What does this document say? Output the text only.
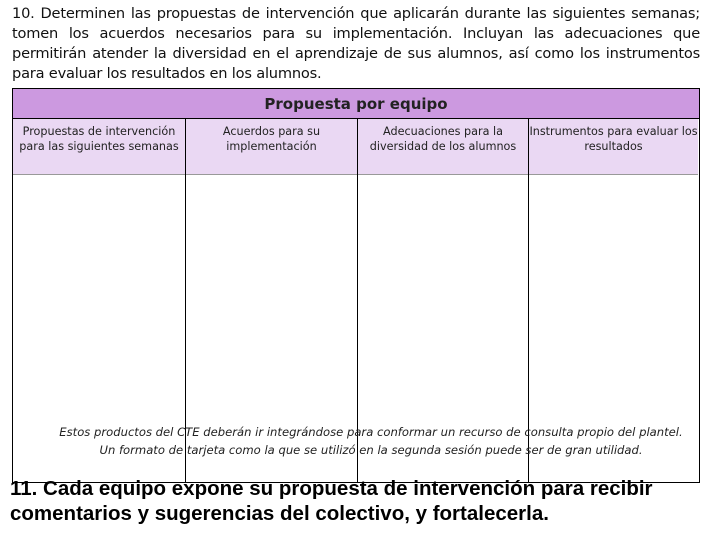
10. Determinen las propuestas de intervención que aplicarán durante las siguientes semanas; tomen los acuerdos necesarios para su implementación. Incluyan las adecuaciones que permitirán atender la diversidad en el aprendizaje de sus alumnos, así como los instrumentos para evaluar los resultados en los alumnos.

Propuesta por equipo
Propuestas de intervención para las siguientes semanas
Acuerdos para su implementación
Adecuaciones para la diversidad de los alumnos
Instrumentos para evaluar los resultados
Estos productos del CTE deberán ir integrándose para conformar un recurso de consulta propio del plantel.
Un formato de tarjeta como la que se utilizó en la segunda sesión puede ser de gran utilidad.

11. Cada equipo expone su propuesta de intervención para recibir comentarios y sugerencias del colectivo, y fortalecerla.
